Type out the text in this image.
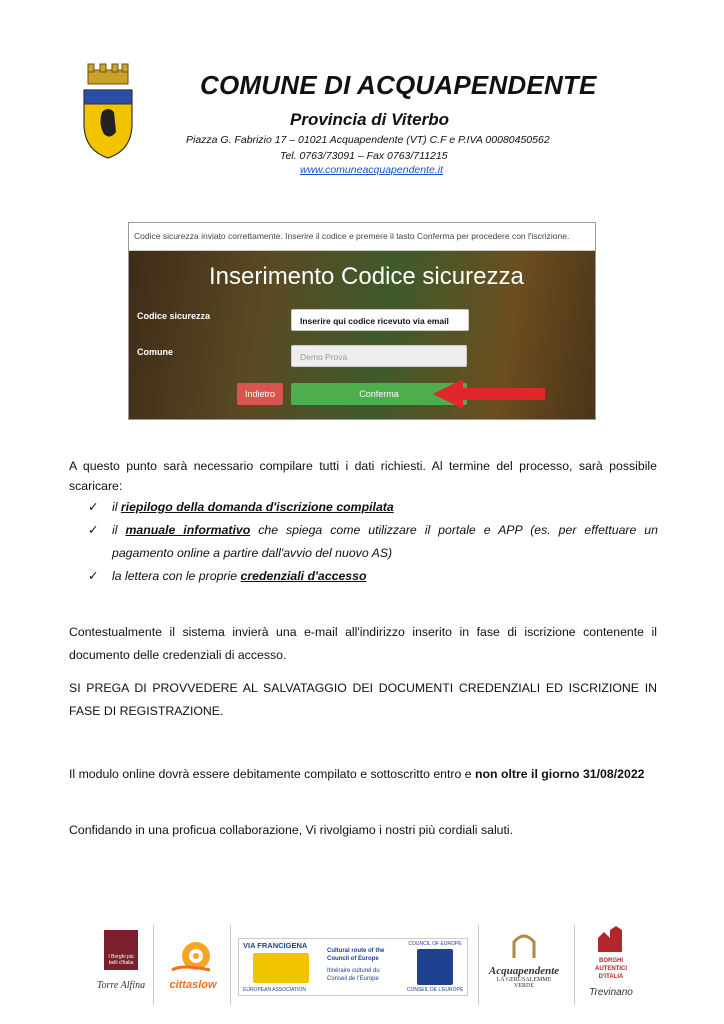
COMUNE DI ACQUAPENDENTE
Provincia di Viterbo
Piazza G. Fabrizio 17 – 01021 Acquapendente (VT) C.F e P.IVA 00080450562
Tel. 0763/73091 – Fax 0763/711215
www.comuneacquapendente.it
Codice sicurezza inviato correttamente. Inserire il codice e premere il tasto Conferma per procedere con l'iscrizione.
Inserimento Codice sicurezza
Codice sicurezza	Inserire qui codice ricevuto via email
Comune	Demo Prova
Indietro	Conferma
A questo punto sarà necessario compilare tutti i dati richiesti. Al termine del processo, sarà possibile scaricare:
✓ il riepilogo della domanda d'iscrizione compilata
✓ il manuale informativo che spiega come utilizzare il portale e APP (es. per effettuare un pagamento online a partire dall'avvio del nuovo AS)
✓ la lettera con le proprie credenziali d'accesso
Contestualmente il sistema invierà una e-mail all'indirizzo inserito in fase di iscrizione contenente il documento delle credenziali di accesso.
SI PREGA DI PROVVEDERE AL SALVATAGGIO DEI DOCUMENTI CREDENZIALI ED ISCRIZIONE IN FASE DI REGISTRAZIONE.
Il modulo online dovrà essere debitamente compilato e sottoscritto entro e non oltre il giorno 31/08/2022
Confidando in una proficua collaborazione, Vi rivolgiamo i nostri più cordiali saluti.
I Borghi più belli d'Italia
Torre Alfina	cittaslow
VIA FRANCIGENA
EUROPEAN ASSOCIATION
Cultural route of the Council of Europe
Itinéraire culturel du Conseil de l'Europe
COUNCIL OF EUROPE
CONSEIL DE L'EUROPE
Acquapendente
LA GERUSALEMME VERDE
BORGHI AUTENTICI D'ITALIA
Trevinano
